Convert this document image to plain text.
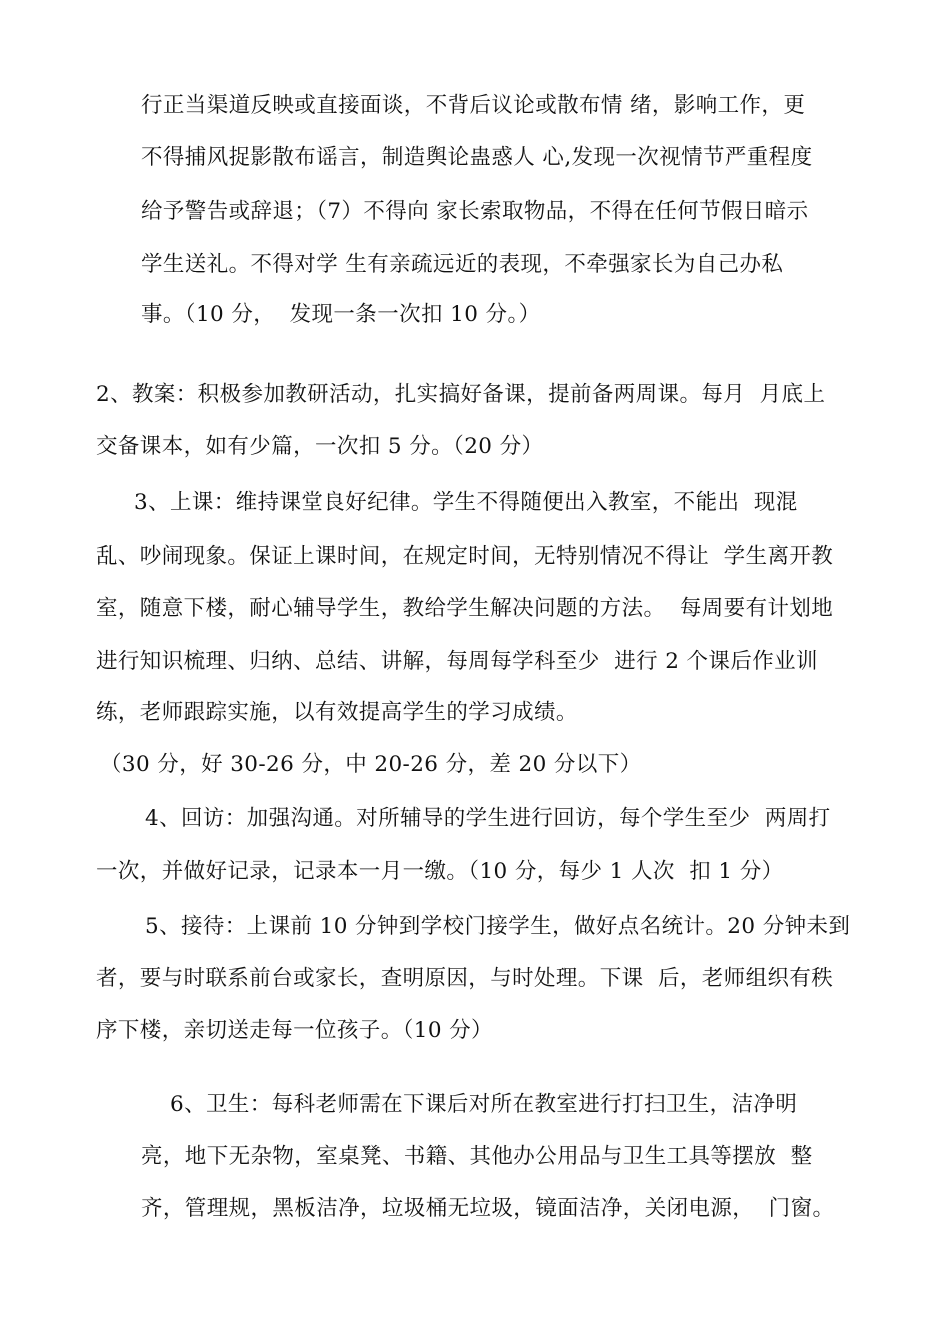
行正当渠道反映或直接面谈，不背后议论或散布情 绪，影响工作，更
不得捕风捉影散布谣言，制造舆论蛊惑人 心,发现一次视情节严重程度
给予警告或辞退；（7）不得向 家长索取物品，不得在任何节假日暗示
学生送礼。不得对学 生有亲疏远近的表现，不牵强家长为自己办私
事。（10 分，  发现一条一次扣 10 分。）
2、教案：积极参加教研活动，扎实搞好备课，提前备两周课。每月  月底上
交备课本，如有少篇，一次扣 5 分。（20 分）
3、上课：维持课堂良好纪律。学生不得随便出入教室，不能出  现混
乱、吵闹现象。保证上课时间，在规定时间，无特别情况不得让  学生离开教
室，随意下楼，耐心辅导学生，教给学生解决问题的方法。  每周要有计划地
进行知识梳理、归纳、总结、讲解，每周每学科至少  进行 2 个课后作业训
练，老师跟踪实施，以有效提高学生的学习成绩。
（30 分，好 30-26 分，中 20-26 分，差 20 分以下）
4、回访：加强沟通。对所辅导的学生进行回访，每个学生至少  两周打
一次，并做好记录，记录本一月一缴。（10 分，每少 1 人次  扣 1 分）
5、接待：上课前 10 分钟到学校门接学生，做好点名统计。20 分钟未到
者，要与时联系前台或家长，查明原因，与时处理。下课  后，老师组织有秩
序下楼，亲切送走每一位孩子。（10 分）
6、卫生：每科老师需在下课后对所在教室进行打扫卫生，洁净明
亮，地下无杂物，室桌凳、书籍、其他办公用品与卫生工具等摆放  整
齐，管理规，黑板洁净，垃圾桶无垃圾，镜面洁净，关闭电源，  门窗。
